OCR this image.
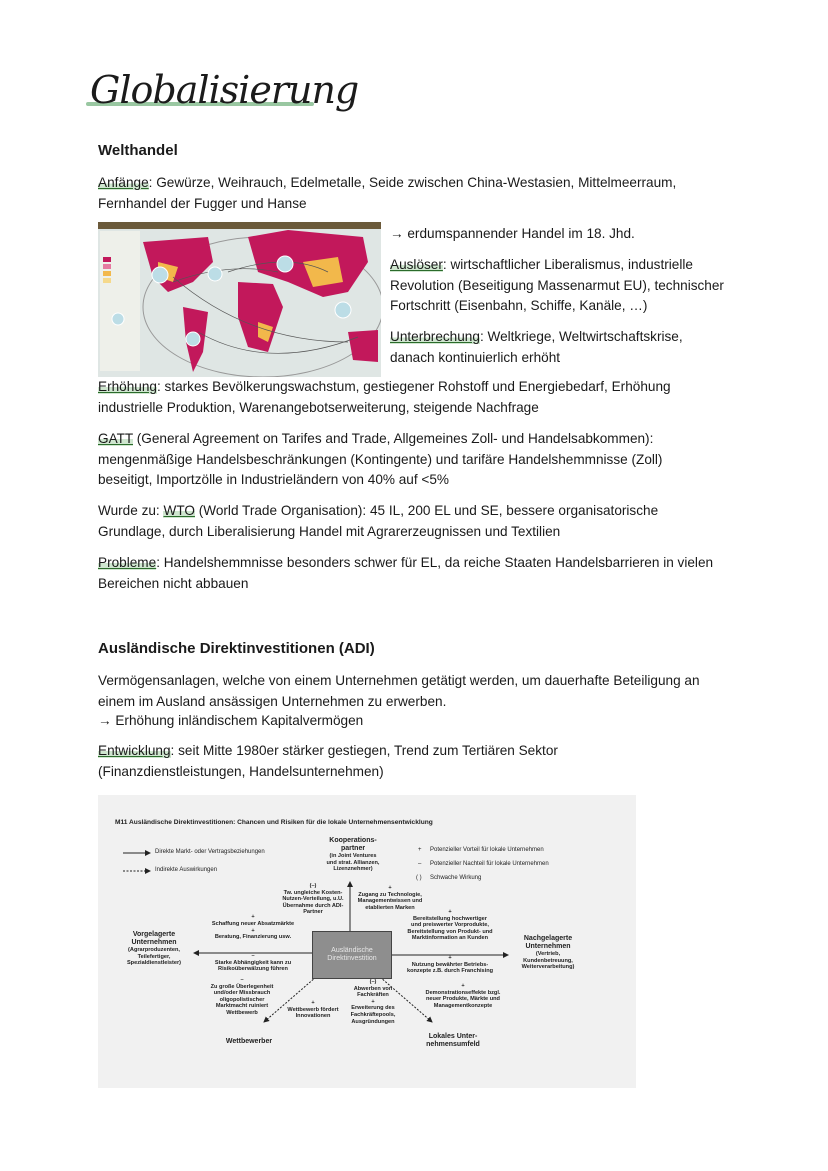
Globalisierung
Welthandel
Anfänge: Gewürze, Weihrauch, Edelmetalle, Seide zwischen China-Westasien, Mittelmeerraum, Fernhandel der Fugger und Hanse
→ erdumspannender Handel im 18. Jhd.
Auslöser: wirtschaftlicher Liberalismus, industrielle Revolution (Beseitigung Massenarmut EU), technischer Fortschritt (Eisenbahn, Schiffe, Kanäle, …)
Unterbrechung: Weltkriege, Weltwirtschaftskrise, danach kontinuierlich erhöht
Erhöhung: starkes Bevölkerungswachstum, gestiegener Rohstoff und Energiebedarf, Erhöhung industrielle Produktion, Warenangebotserweiterung, steigende Nachfrage
GATT (General Agreement on Tarifes and Trade, Allgemeines Zoll- und Handelsabkommen): mengenmäßige Handelsbeschränkungen (Kontingente) und tarifäre Handelshemmnisse (Zoll) beseitigt, Importzölle in Industrieländern von 40% auf <5%
Wurde zu: WTO (World Trade Organisation): 45 IL, 200 EL und SE, bessere organisatorische Grundlage, durch Liberalisierung Handel mit Agrarerzeugnissen und Textilien
Probleme: Handelshemmnisse besonders schwer für EL, da reiche Staaten Handelsbarrieren in vielen Bereichen nicht abbauen
Ausländische Direktinvestitionen (ADI)
Vermögensanlagen, welche von einem Unternehmen getätigt werden, um dauerhafte Beteiligung an einem im Ausland ansässigen Unternehmen zu erwerben.
→ Erhöhung inländischem Kapitalvermögen
Entwicklung: seit Mitte 1980er stärker gestiegen, Trend zum Tertiären Sektor (Finanzdienstleistungen, Handelsunternehmen)
M11 Ausländische Direktinvestitionen: Chancen und Risiken für die lokale Unternehmensentwicklung
Direkte Markt- oder Vertragsbeziehungen
Indirekte Auswirkungen
+ Potenzieller Vorteil für lokale Unternehmen
– Potenzieller Nachteil für lokale Unternehmen
( ) Schwache Wirkung
Ausländische Direktinvestition
Kooperations-
partner
(in Joint Ventures
und strat. Allianzen,
Lizenznehmer)
Vorgelagerte
Unternehmen
(Agrarproduzenten,
Teilefertiger,
Spezialdienstleister)
Nachgelagerte
Unternehmen
(Vertrieb,
Kundenbetreuung,
Weiterverarbeitung)
Wettbewerber
Lokales Unter-
nehmensumfeld
(–)
Tw. ungleiche Kosten-
Nutzen-Verteilung, u.U.
Übernahme durch ADI-
Partner
+
Zugang zu Technologie,
Managementwissen und
etablierten Marken
+
Schaffung neuer Absatzmärkte
+
Beratung, Finanzierung usw.
–
Starke Abhängigkeit kann zu
Risikoüberwälzung führen
–
Zu große Überlegenheit
und/oder Missbrauch
oligopolistischer
Marktmacht ruiniert
Wettbewerb
+
Wettbewerb fördert
Innovationen
(–)
Abwerben von
Fachkräften
+
Erweiterung des
Fachkräftepools,
Ausgründungen
+
Bereitstellung hochwertiger
und preiswerter Vorprodukte,
Bereitstellung von Produkt- und
Marktinformation an Kunden
+
Nutzung bewährter Betriebs-
konzepte z.B. durch Franchising
+
Demonstrationseffekte bzgl.
neuer Produkte, Märkte und
Managementkonzepte
